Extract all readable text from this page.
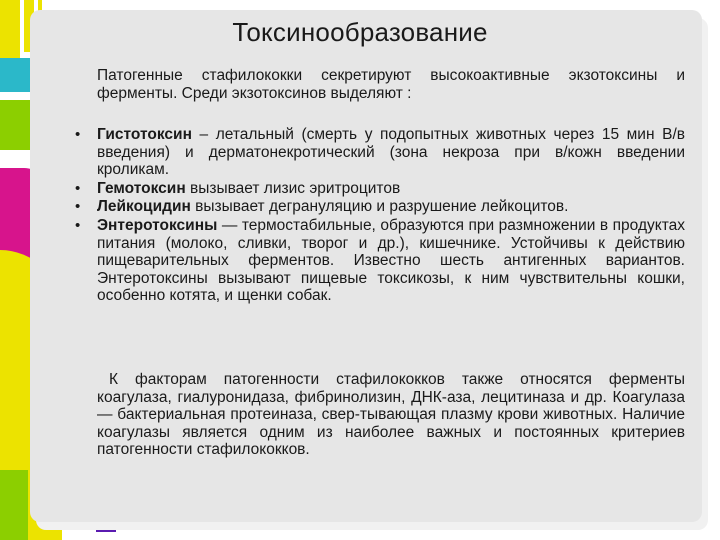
Токсинообразование

Патогенные стафилококки секретируют высокоактивные экзотоксины и ферменты. Среди экзотоксинов выделяют :

• Гистотоксин – летальный (смерть у подопытных животных через 15 мин В/в введения) и дерматонекротический (зона некроза при в/кожн введении кроликам.
• Гемотоксин вызывает лизис эритроцитов
• Лейкоцидин вызывает дегрануляцию и разрушение лейкоцитов.
• Энтеротоксины — термостабильные, образуются при размножении в продуктах питания (молоко, сливки, творог и др.), кишечнике. Устойчивы к действию пищеварительных ферментов. Известно шесть антигенных вариантов. Энтеротоксины вызывают пищевые токсикозы, к ним чувствительны кошки, особенно котята, и щенки собак.

К факторам патогенности стафилококков также относятся ферменты коагулаза, гиалуронидаза, фибринолизин, ДНК-аза, лецитиназа и др. Коагулаза — бактериальная протеиназа, свер-тывающая плазму крови животных. Наличие коагулазы является одним из наиболее важных и постоянных критериев патогенности стафилококков.
